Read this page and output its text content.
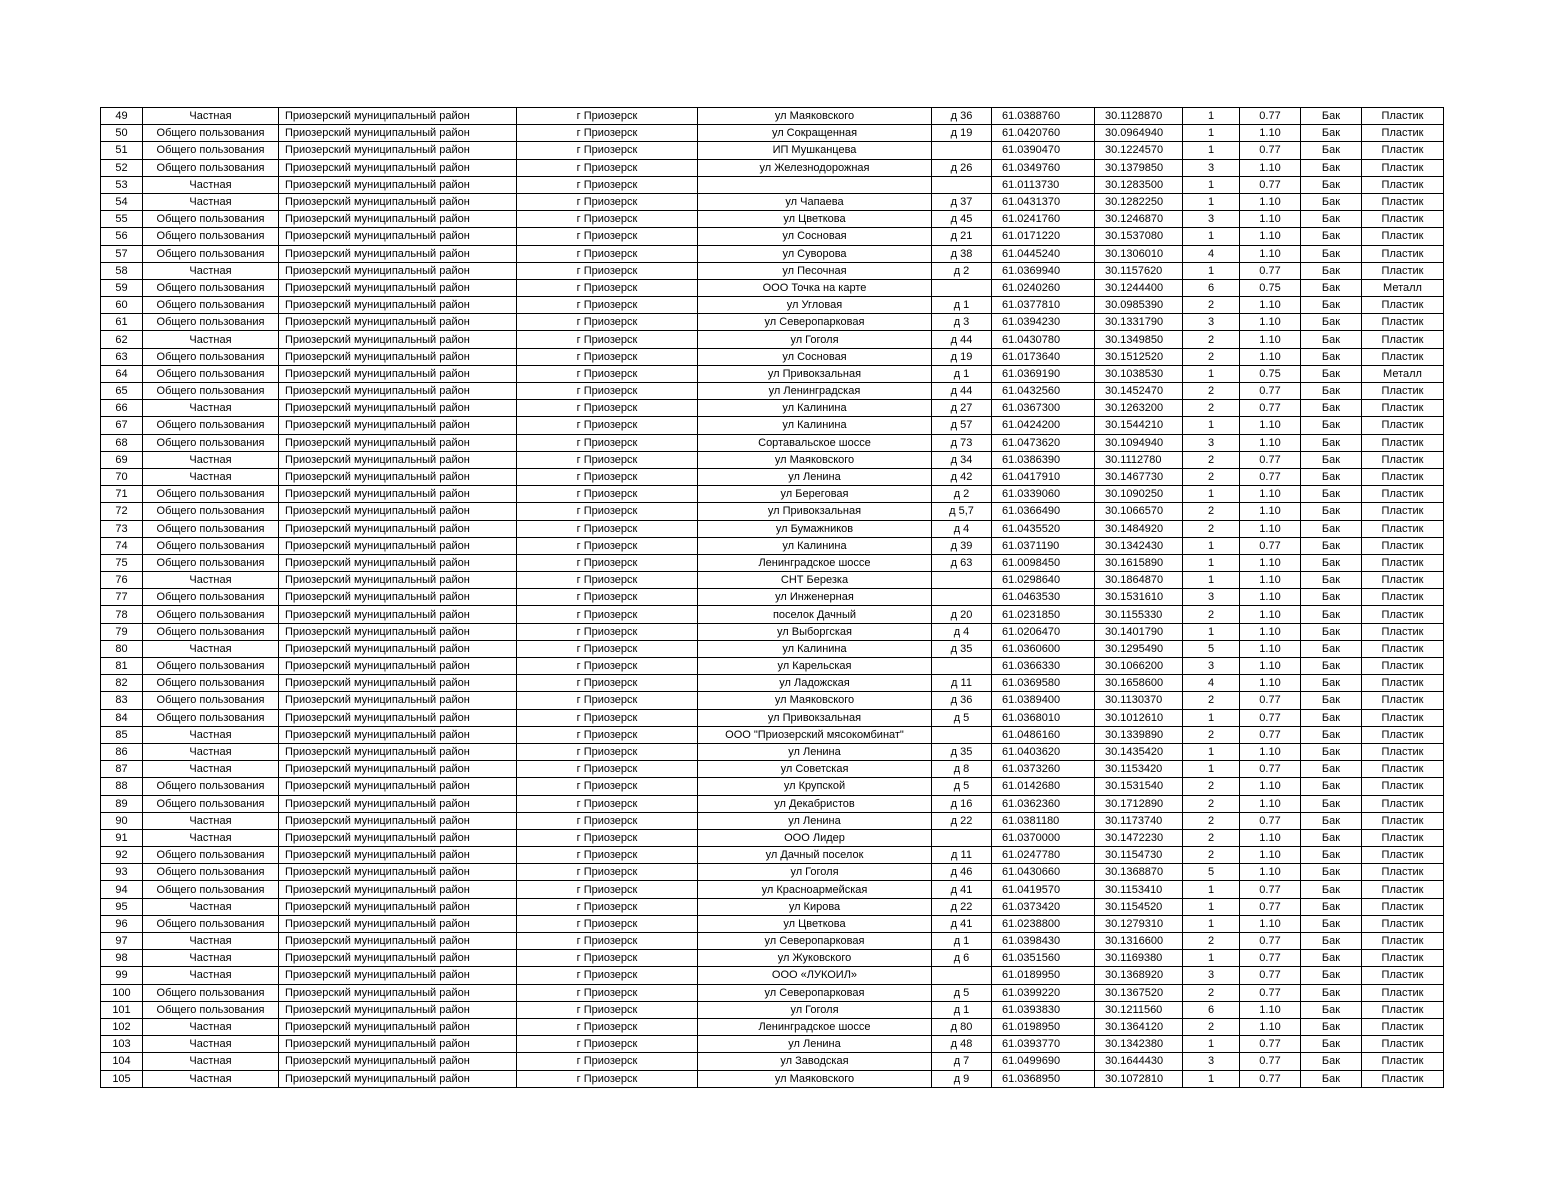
49	Частная	Приозерский муниципальный район	г Приозерск	ул Маяковского	д 36	61.0388760	30.1128870	1	0.77	Бак	Пластик
50	Общего пользования	Приозерский муниципальный район	г Приозерск	ул Сокращенная	д 19	61.0420760	30.0964940	1	1.10	Бак	Пластик
51	Общего пользования	Приозерский муниципальный район	г Приозерск	ИП Мушканцева		61.0390470	30.1224570	1	0.77	Бак	Пластик
52	Общего пользования	Приозерский муниципальный район	г Приозерск	ул Железнодорожная	д 26	61.0349760	30.1379850	3	1.10	Бак	Пластик
53	Частная	Приозерский муниципальный район	г Приозерск			61.0113730	30.1283500	1	0.77	Бак	Пластик
54	Частная	Приозерский муниципальный район	г Приозерск	ул Чапаева	д 37	61.0431370	30.1282250	1	1.10	Бак	Пластик
55	Общего пользования	Приозерский муниципальный район	г Приозерск	ул Цветкова	д 45	61.0241760	30.1246870	3	1.10	Бак	Пластик
56	Общего пользования	Приозерский муниципальный район	г Приозерск	ул Сосновая	д 21	61.0171220	30.1537080	1	1.10	Бак	Пластик
57	Общего пользования	Приозерский муниципальный район	г Приозерск	ул Суворова	д 38	61.0445240	30.1306010	4	1.10	Бак	Пластик
58	Частная	Приозерский муниципальный район	г Приозерск	ул Песочная	д 2	61.0369940	30.1157620	1	0.77	Бак	Пластик
59	Общего пользования	Приозерский муниципальный район	г Приозерск	ООО Точка на карте		61.0240260	30.1244400	6	0.75	Бак	Металл
60	Общего пользования	Приозерский муниципальный район	г Приозерск	ул Угловая	д 1	61.0377810	30.0985390	2	1.10	Бак	Пластик
61	Общего пользования	Приозерский муниципальный район	г Приозерск	ул Северопарковая	д 3	61.0394230	30.1331790	3	1.10	Бак	Пластик
62	Частная	Приозерский муниципальный район	г Приозерск	ул Гоголя	д 44	61.0430780	30.1349850	2	1.10	Бак	Пластик
63	Общего пользования	Приозерский муниципальный район	г Приозерск	ул Сосновая	д 19	61.0173640	30.1512520	2	1.10	Бак	Пластик
64	Общего пользования	Приозерский муниципальный район	г Приозерск	ул Привокзальная	д 1	61.0369190	30.1038530	1	0.75	Бак	Металл
65	Общего пользования	Приозерский муниципальный район	г Приозерск	ул Ленинградская	д 44	61.0432560	30.1452470	2	0.77	Бак	Пластик
66	Частная	Приозерский муниципальный район	г Приозерск	ул Калинина	д 27	61.0367300	30.1263200	2	0.77	Бак	Пластик
67	Общего пользования	Приозерский муниципальный район	г Приозерск	ул Калинина	д 57	61.0424200	30.1544210	1	1.10	Бак	Пластик
68	Общего пользования	Приозерский муниципальный район	г Приозерск	Сортавальское шоссе	д 73	61.0473620	30.1094940	3	1.10	Бак	Пластик
69	Частная	Приозерский муниципальный район	г Приозерск	ул Маяковского	д 34	61.0386390	30.1112780	2	0.77	Бак	Пластик
70	Частная	Приозерский муниципальный район	г Приозерск	ул Ленина	д 42	61.0417910	30.1467730	2	0.77	Бак	Пластик
71	Общего пользования	Приозерский муниципальный район	г Приозерск	ул Береговая	д 2	61.0339060	30.1090250	1	1.10	Бак	Пластик
72	Общего пользования	Приозерский муниципальный район	г Приозерск	ул Привокзальная	д 5,7	61.0366490	30.1066570	2	1.10	Бак	Пластик
73	Общего пользования	Приозерский муниципальный район	г Приозерск	ул Бумажников	д 4	61.0435520	30.1484920	2	1.10	Бак	Пластик
74	Общего пользования	Приозерский муниципальный район	г Приозерск	ул Калинина	д 39	61.0371190	30.1342430	1	0.77	Бак	Пластик
75	Общего пользования	Приозерский муниципальный район	г Приозерск	Ленинградское шоссе	д 63	61.0098450	30.1615890	1	1.10	Бак	Пластик
76	Частная	Приозерский муниципальный район	г Приозерск	СНТ Березка		61.0298640	30.1864870	1	1.10	Бак	Пластик
77	Общего пользования	Приозерский муниципальный район	г Приозерск	ул Инженерная		61.0463530	30.1531610	3	1.10	Бак	Пластик
78	Общего пользования	Приозерский муниципальный район	г Приозерск	поселок Дачный	д 20	61.0231850	30.1155330	2	1.10	Бак	Пластик
79	Общего пользования	Приозерский муниципальный район	г Приозерск	ул Выборгская	д 4	61.0206470	30.1401790	1	1.10	Бак	Пластик
80	Частная	Приозерский муниципальный район	г Приозерск	ул Калинина	д 35	61.0360600	30.1295490	5	1.10	Бак	Пластик
81	Общего пользования	Приозерский муниципальный район	г Приозерск	ул Карельская		61.0366330	30.1066200	3	1.10	Бак	Пластик
82	Общего пользования	Приозерский муниципальный район	г Приозерск	ул Ладожская	д 11	61.0369580	30.1658600	4	1.10	Бак	Пластик
83	Общего пользования	Приозерский муниципальный район	г Приозерск	ул Маяковского	д 36	61.0389400	30.1130370	2	0.77	Бак	Пластик
84	Общего пользования	Приозерский муниципальный район	г Приозерск	ул Привокзальная	д 5	61.0368010	30.1012610	1	0.77	Бак	Пластик
85	Частная	Приозерский муниципальный район	г Приозерск	ООО "Приозерский мясокомбинат"		61.0486160	30.1339890	2	0.77	Бак	Пластик
86	Частная	Приозерский муниципальный район	г Приозерск	ул Ленина	д 35	61.0403620	30.1435420	1	1.10	Бак	Пластик
87	Частная	Приозерский муниципальный район	г Приозерск	ул Советская	д 8	61.0373260	30.1153420	1	0.77	Бак	Пластик
88	Общего пользования	Приозерский муниципальный район	г Приозерск	ул Крупской	д 5	61.0142680	30.1531540	2	1.10	Бак	Пластик
89	Общего пользования	Приозерский муниципальный район	г Приозерск	ул Декабристов	д 16	61.0362360	30.1712890	2	1.10	Бак	Пластик
90	Частная	Приозерский муниципальный район	г Приозерск	ул Ленина	д 22	61.0381180	30.1173740	2	0.77	Бак	Пластик
91	Частная	Приозерский муниципальный район	г Приозерск	ООО Лидер		61.0370000	30.1472230	2	1.10	Бак	Пластик
92	Общего пользования	Приозерский муниципальный район	г Приозерск	ул Дачный поселок	д 11	61.0247780	30.1154730	2	1.10	Бак	Пластик
93	Общего пользования	Приозерский муниципальный район	г Приозерск	ул Гоголя	д 46	61.0430660	30.1368870	5	1.10	Бак	Пластик
94	Общего пользования	Приозерский муниципальный район	г Приозерск	ул Красноармейская	д 41	61.0419570	30.1153410	1	0.77	Бак	Пластик
95	Частная	Приозерский муниципальный район	г Приозерск	ул Кирова	д 22	61.0373420	30.1154520	1	0.77	Бак	Пластик
96	Общего пользования	Приозерский муниципальный район	г Приозерск	ул Цветкова	д 41	61.0238800	30.1279310	1	1.10	Бак	Пластик
97	Частная	Приозерский муниципальный район	г Приозерск	ул Северопарковая	д 1	61.0398430	30.1316600	2	0.77	Бак	Пластик
98	Частная	Приозерский муниципальный район	г Приозерск	ул Жуковского	д 6	61.0351560	30.1169380	1	0.77	Бак	Пластик
99	Частная	Приозерский муниципальный район	г Приозерск	ООО «ЛУКОИЛ»		61.0189950	30.1368920	3	0.77	Бак	Пластик
100	Общего пользования	Приозерский муниципальный район	г Приозерск	ул Северопарковая	д 5	61.0399220	30.1367520	2	0.77	Бак	Пластик
101	Общего пользования	Приозерский муниципальный район	г Приозерск	ул Гоголя	д 1	61.0393830	30.1211560	6	1.10	Бак	Пластик
102	Частная	Приозерский муниципальный район	г Приозерск	Ленинградское шоссе	д 80	61.0198950	30.1364120	2	1.10	Бак	Пластик
103	Частная	Приозерский муниципальный район	г Приозерск	ул Ленина	д 48	61.0393770	30.1342380	1	0.77	Бак	Пластик
104	Частная	Приозерский муниципальный район	г Приозерск	ул Заводская	д 7	61.0499690	30.1644430	3	0.77	Бак	Пластик
105	Частная	Приозерский муниципальный район	г Приозерск	ул Маяковского	д 9	61.0368950	30.1072810	1	0.77	Бак	Пластик
